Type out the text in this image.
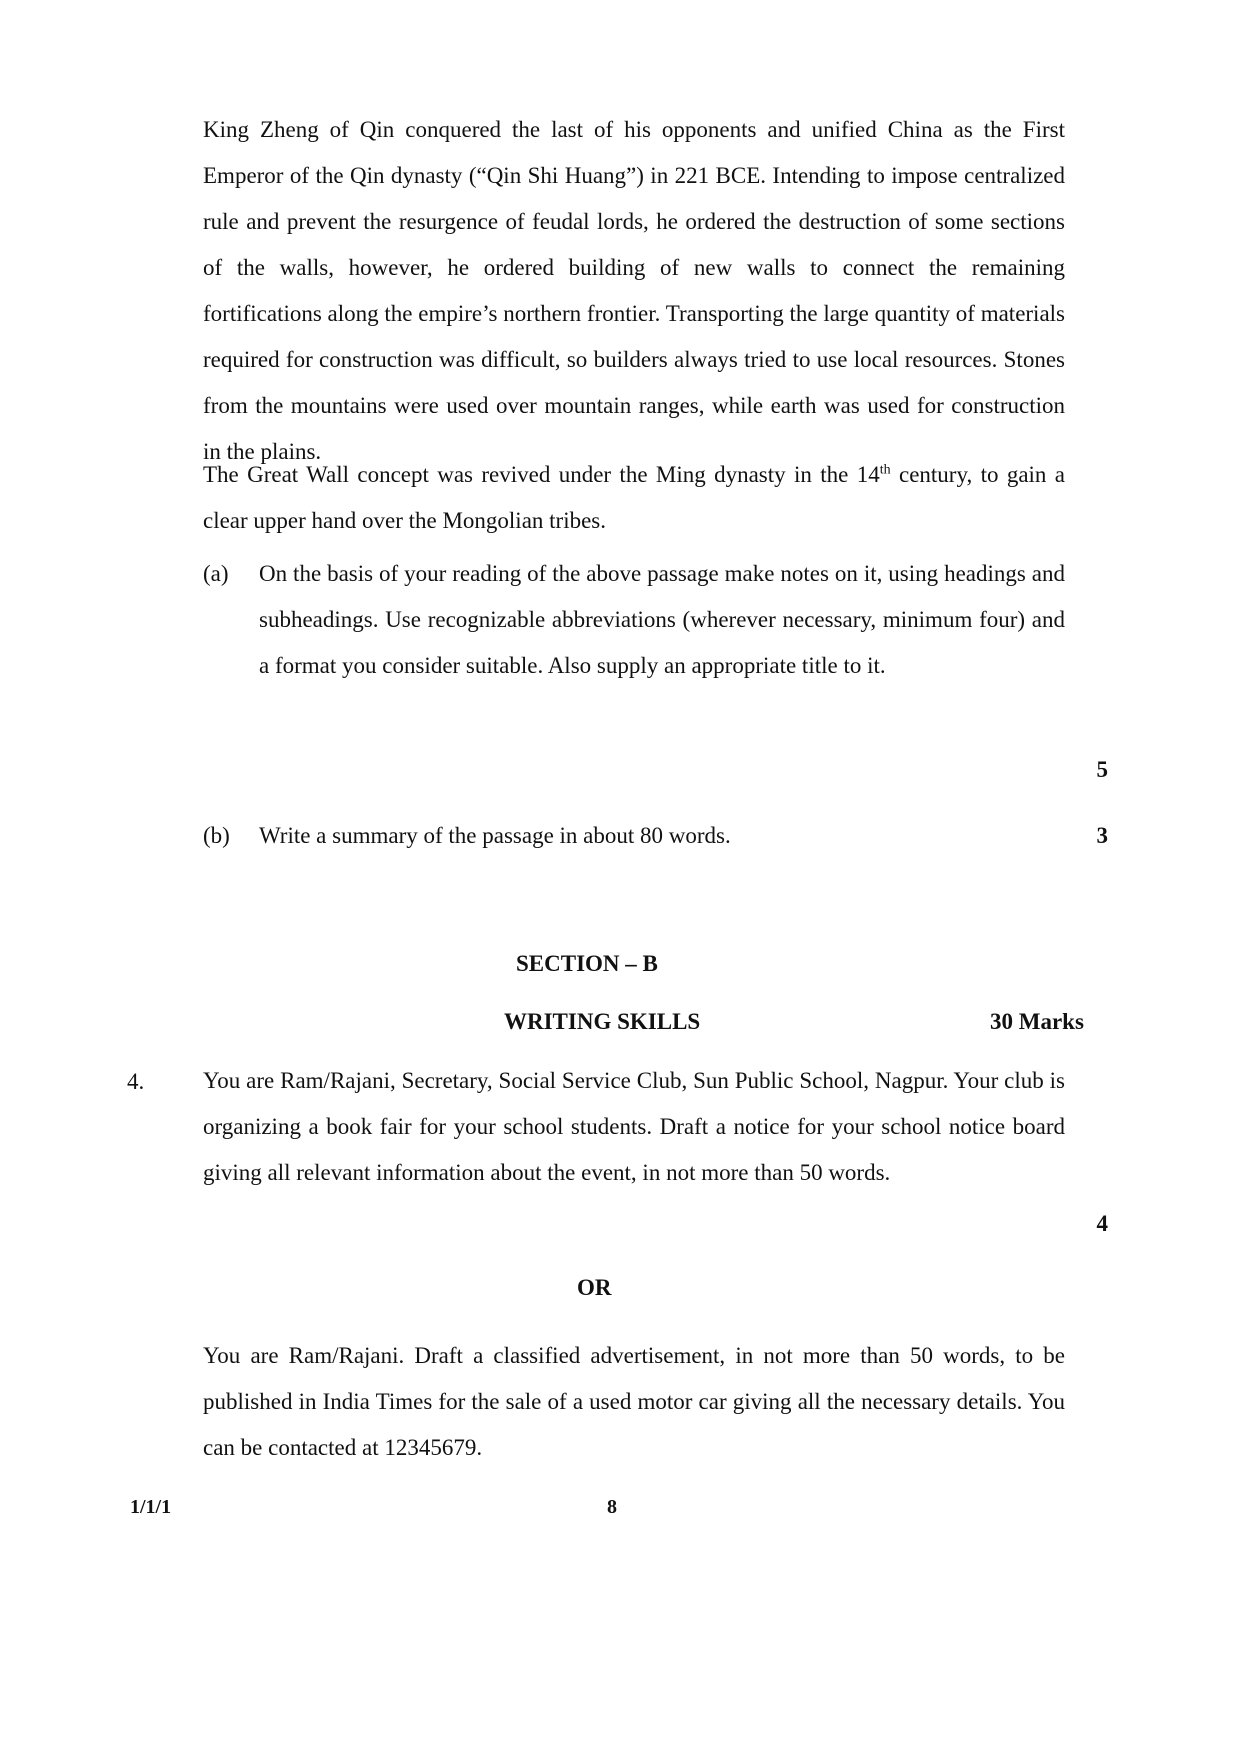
King Zheng of Qin conquered the last of his opponents and unified China as the First Emperor of the Qin dynasty (“Qin Shi Huang”) in 221 BCE. Intending to impose centralized rule and prevent the resurgence of feudal lords, he ordered the destruction of some sections of the walls, however, he ordered building of new walls to connect the remaining fortifications along the empire’s northern frontier. Transporting the large quantity of materials required for construction was difficult, so builders always tried to use local resources. Stones from the mountains were used over mountain ranges, while earth was used for construction in the plains.

The Great Wall concept was revived under the Ming dynasty in the 14th century, to gain a clear upper hand over the Mongolian tribes.

(a) On the basis of your reading of the above passage make notes on it, using headings and subheadings. Use recognizable abbreviations (wherever necessary, minimum four) and a format you consider suitable. Also supply an appropriate title to it.
5
(b) Write a summary of the passage in about 80 words.	3
SECTION – B
WRITING SKILLS	30 Marks
4.	You are Ram/Rajani, Secretary, Social Service Club, Sun Public School, Nagpur. Your club is organizing a book fair for your school students. Draft a notice for your school notice board giving all relevant information about the event, in not more than 50 words.

4
OR

You are Ram/Rajani. Draft a classified advertisement, in not more than 50 words, to be published in India Times for the sale of a used motor car giving all the necessary details. You can be contacted at 12345679.

1/1/1	8
